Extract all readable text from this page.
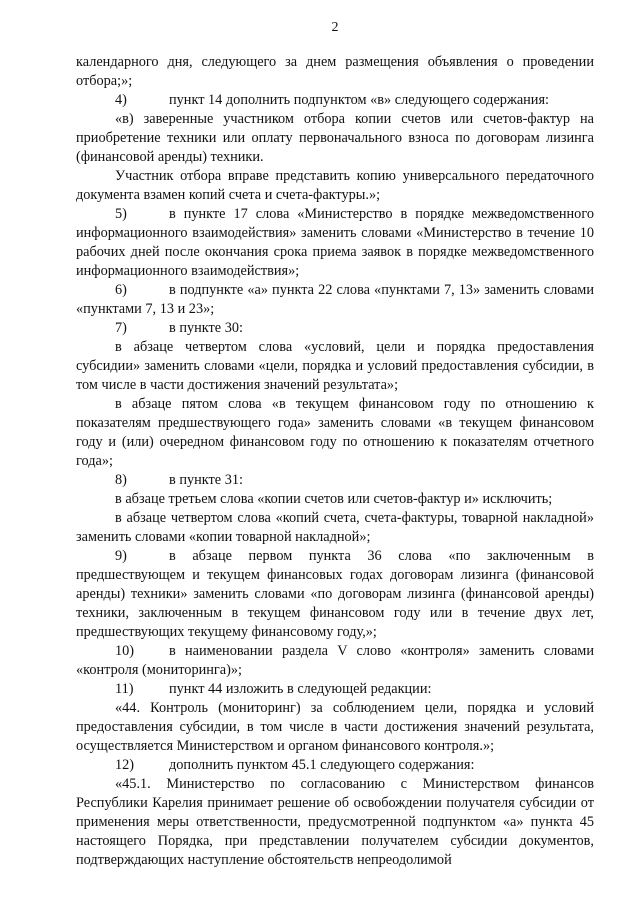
2

календарного дня, следующего за днем размещения объявления о проведении отбора;»;

4)	пункт 14 дополнить подпунктом «в» следующего содержания:

«в) заверенные участником отбора копии счетов или счетов-фактур на приобретение техники или оплату первоначального взноса по договорам лизинга (финансовой аренды) техники.

Участник отбора вправе представить копию универсального передаточного документа взамен копий счета и счета-фактуры.»;

5)	в пункте 17 слова «Министерство в порядке межведомственного информационного взаимодействия» заменить словами «Министерство в течение 10 рабочих дней после окончания срока приема заявок в порядке межведомственного информационного взаимодействия»;

6)	в подпункте «а» пункта 22 слова «пунктами 7, 13» заменить словами «пунктами 7, 13 и 23»;

7)	в пункте 30:

в абзаце четвертом слова «условий, цели и порядка предоставления субсидии» заменить словами «цели, порядка и условий предоставления субсидии, в том числе в части достижения значений результата»;

в абзаце пятом слова «в текущем финансовом году по отношению к показателям предшествующего года» заменить словами «в текущем финансовом году и (или) очередном финансовом году по отношению к показателям отчетного года»;

8)	в пункте 31:

в абзаце третьем слова «копии счетов или счетов-фактур и» исключить;

в абзаце четвертом слова «копий счета, счета-фактуры, товарной накладной» заменить словами «копии товарной накладной»;

9)	в абзаце первом пункта 36 слова «по заключенным в предшествующем и текущем финансовых годах договорам лизинга (финансовой аренды) техники» заменить словами «по договорам лизинга (финансовой аренды) техники, заключенным в текущем финансовом году или в течение двух лет, предшествующих текущему финансовому году,»;

10) в наименовании раздела V слово «контроля» заменить словами «контроля (мониторинга)»;

11) пункт 44 изложить в следующей редакции:

«44. Контроль (мониторинг) за соблюдением цели, порядка и условий предоставления субсидии, в том числе в части достижения значений результата, осуществляется Министерством и органом финансового контроля.»;

12) дополнить пунктом 45.1 следующего содержания:

«45.1. Министерство по согласованию с Министерством финансов Республики Карелия принимает решение об освобождении получателя субсидии от применения меры ответственности, предусмотренной подпунктом «а» пункта 45 настоящего Порядка, при представлении получателем субсидии документов, подтверждающих наступление обстоятельств непреодолимой
